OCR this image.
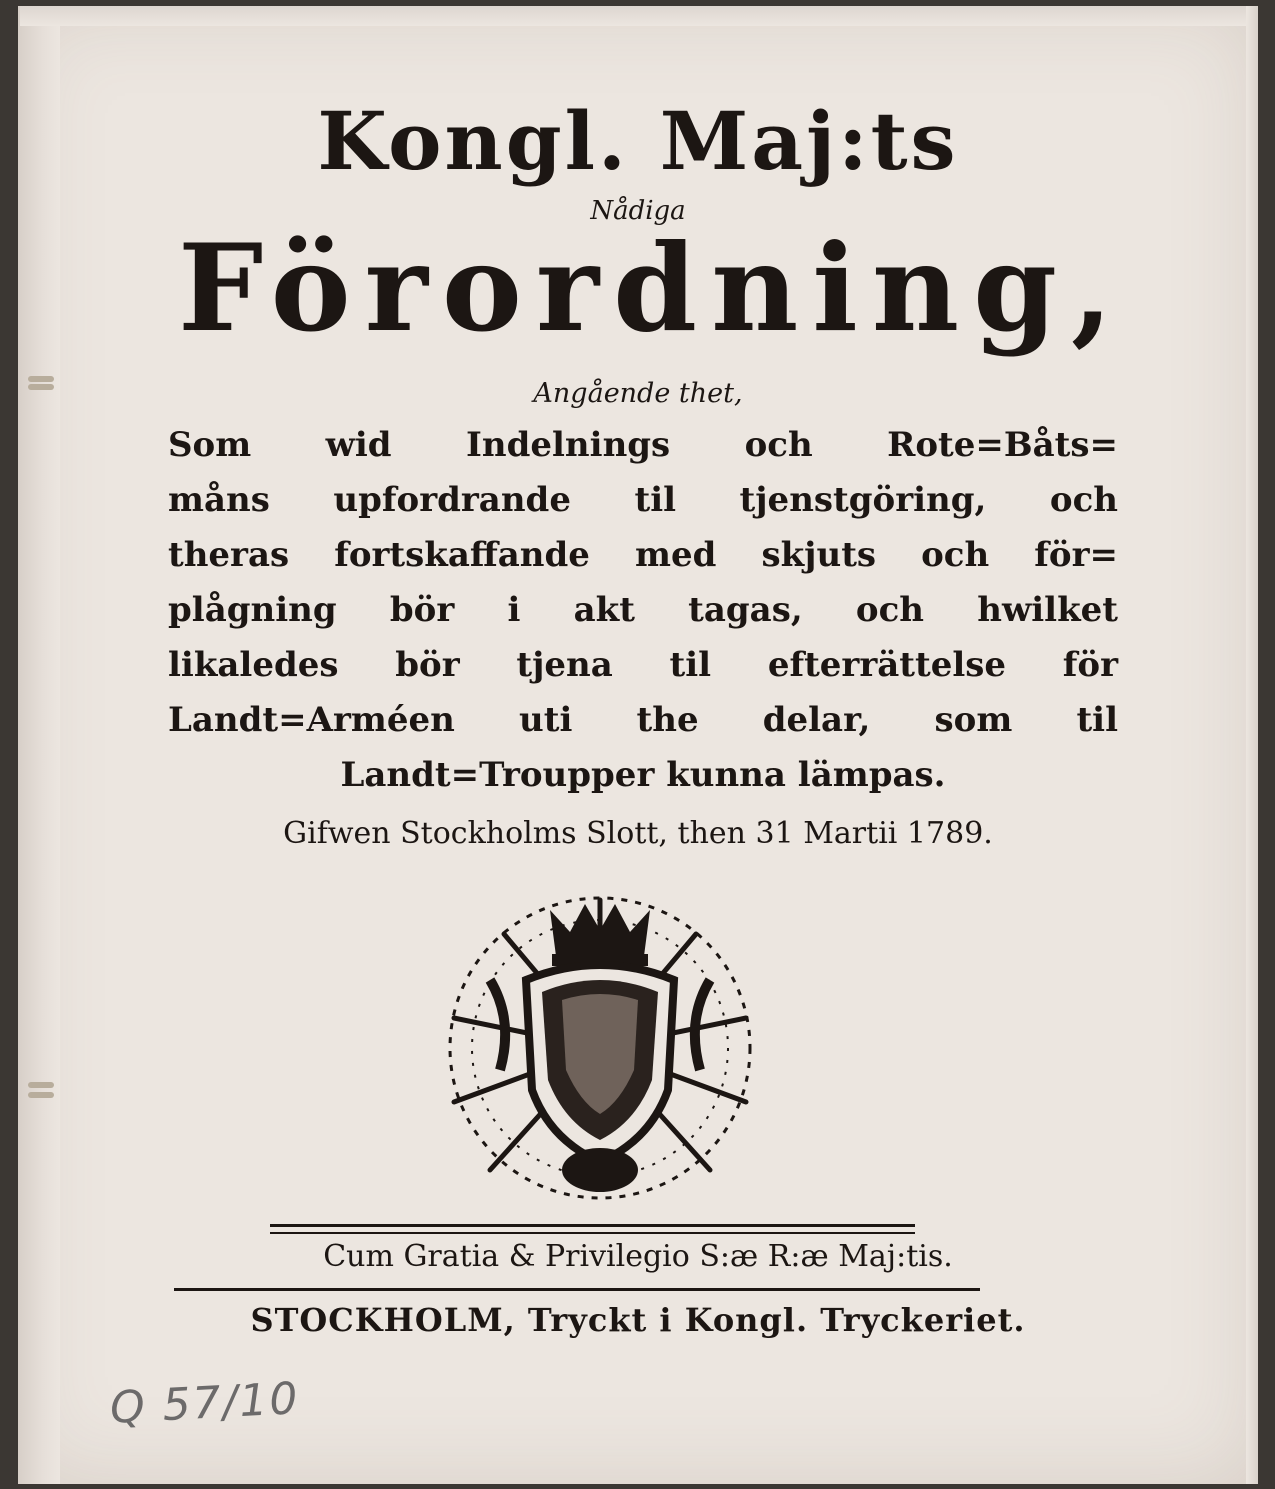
Kongl. Maj:ts
Nådiga
Förordning,
Angående thet,
Som wid Indelnings och Rote=Båts=
måns upfordrande til tjenstgöring, och
theras fortskaffande med skjuts och för=
plågning bör i akt tagas, och hwilket
likaledes bör tjena til efterrättelse för
Landt=Arméen uti the delar, som til
Landt=Troupper kunna lämpas.
Gifwen Stockholms Slott, then 31 Martii 1789.
Cum Gratia & Privilegio S:æ R:æ Maj:tis.
STOCKHOLM, Tryckt i Kongl. Tryckeriet.
Q 57/10
